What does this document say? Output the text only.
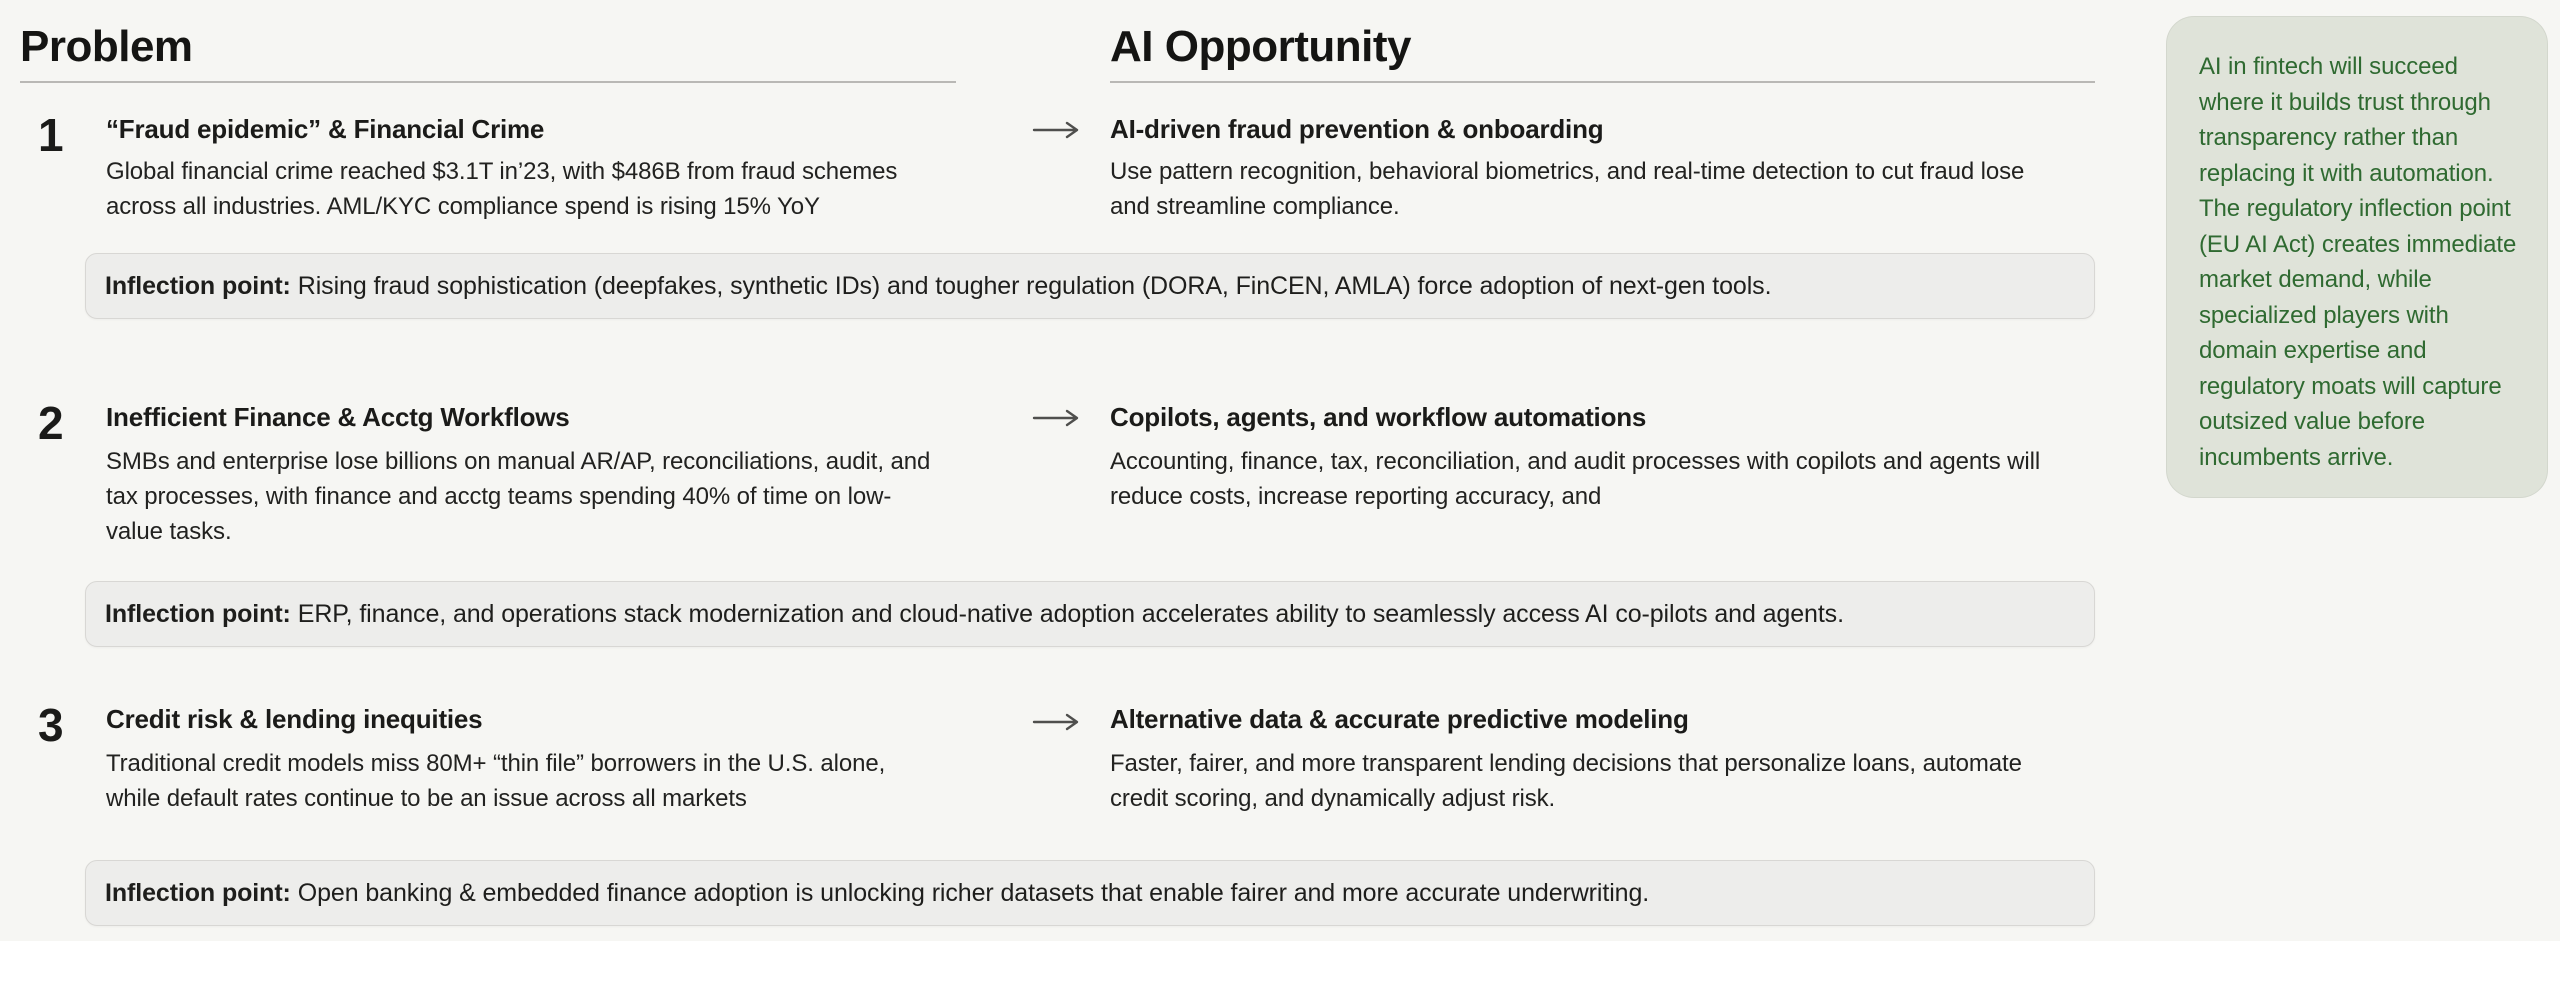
Problem	AI Opportunity
1 “Fraud epidemic” & Financial Crime
Global financial crime reached $3.1T in’23, with $486B from fraud schemes across all industries. AML/KYC compliance spend is rising 15% YoY
AI-driven fraud prevention & onboarding
Use pattern recognition, behavioral biometrics, and real-time detection to cut fraud lose and streamline compliance.
Inflection point: Rising fraud sophistication (deepfakes, synthetic IDs) and tougher regulation (DORA, FinCEN, AMLA) force adoption of next-gen tools.
2 Inefficient Finance & Acctg Workflows
SMBs and enterprise lose billions on manual AR/AP, reconciliations, audit, and tax processes, with finance and acctg teams spending 40% of time on low-value tasks.
Copilots, agents, and workflow automations
Accounting, finance, tax, reconciliation, and audit processes with copilots and agents will reduce costs, increase reporting accuracy, and
Inflection point: ERP, finance, and operations stack modernization and cloud-native adoption accelerates ability to seamlessly access AI co-pilots and agents.
3 Credit risk & lending inequities
Traditional credit models miss 80M+ “thin file” borrowers in the U.S. alone, while default rates continue to be an issue across all markets
Alternative data & accurate predictive modeling
Faster, fairer, and more transparent lending decisions that personalize loans, automate credit scoring, and dynamically adjust risk.
Inflection point: Open banking & embedded finance adoption is unlocking richer datasets that enable fairer and more accurate underwriting.
AI in fintech will succeed where it builds trust through transparency rather than replacing it with automation. The regulatory inflection point (EU AI Act) creates immediate market demand, while specialized players with domain expertise and regulatory moats will capture outsized value before incumbents arrive.
